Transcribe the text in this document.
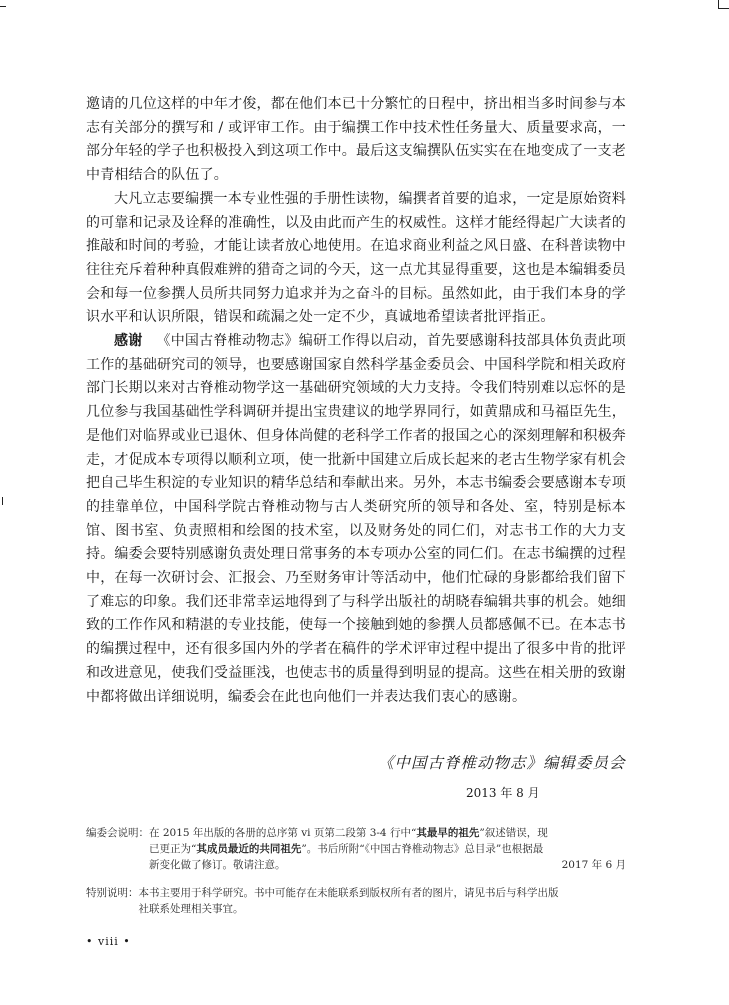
邀请的几位这样的中年才俊，都在他们本已十分繁忙的日程中，挤出相当多时间参与本志有关部分的撰写和 / 或评审工作。由于编撰工作中技术性任务量大、质量要求高，一部分年轻的学子也积极投入到这项工作中。最后这支编撰队伍实实在在地变成了一支老中青相结合的队伍了。

大凡立志要编撰一本专业性强的手册性读物，编撰者首要的追求，一定是原始资料的可靠和记录及诠释的准确性，以及由此而产生的权威性。这样才能经得起广大读者的推敲和时间的考验，才能让读者放心地使用。在追求商业利益之风日盛、在科普读物中往往充斥着种种真假难辨的猎奇之词的今天，这一点尤其显得重要，这也是本编辑委员会和每一位参撰人员所共同努力追求并为之奋斗的目标。虽然如此，由于我们本身的学识水平和认识所限，错误和疏漏之处一定不少，真诚地希望读者批评指正。

感谢 《中国古脊椎动物志》编研工作得以启动，首先要感谢科技部具体负责此项工作的基础研究司的领导，也要感谢国家自然科学基金委员会、中国科学院和相关政府部门长期以来对古脊椎动物学这一基础研究领域的大力支持。令我们特别难以忘怀的是几位参与我国基础性学科调研并提出宝贵建议的地学界同行，如黄鼎成和马福臣先生，是他们对临界或业已退休、但身体尚健的老科学工作者的报国之心的深刻理解和积极奔走，才促成本专项得以顺利立项，使一批新中国建立后成长起来的老古生物学家有机会把自己毕生积淀的专业知识的精华总结和奉献出来。另外，本志书编委会要感谢本专项的挂靠单位，中国科学院古脊椎动物与古人类研究所的领导和各处、室，特别是标本馆、图书室、负责照相和绘图的技术室，以及财务处的同仁们，对志书工作的大力支持。编委会要特别感谢负责处理日常事务的本专项办公室的同仁们。在志书编撰的过程中，在每一次研讨会、汇报会、乃至财务审计等活动中，他们忙碌的身影都给我们留下了难忘的印象。我们还非常幸运地得到了与科学出版社的胡晓春编辑共事的机会。她细致的工作作风和精湛的专业技能，使每一个接触到她的参撰人员都感佩不已。在本志书的编撰过程中，还有很多国内外的学者在稿件的学术评审过程中提出了很多中肯的批评和改进意见，使我们受益匪浅，也使志书的质量得到明显的提高。这些在相关册的致谢中都将做出详细说明，编委会在此也向他们一并表达我们衷心的感谢。

《中国古脊椎动物志》编辑委员会
2013 年 8 月
编委会说明： 在 2015 年出版的各册的总序第 vi 页第二段第 3-4 行中“其最早的祖先”叙述错误，现
已更正为“其成员最近的共同祖先”。书后所附“《中国古脊椎动物志》总目录”也根据最
新变化做了修订。敬请注意。	2017 年 6 月
特别说明： 本书主要用于科学研究。书中可能存在未能联系到版权所有者的图片，请见书后与科学出版
社联系处理相关事宜。
• viii •
